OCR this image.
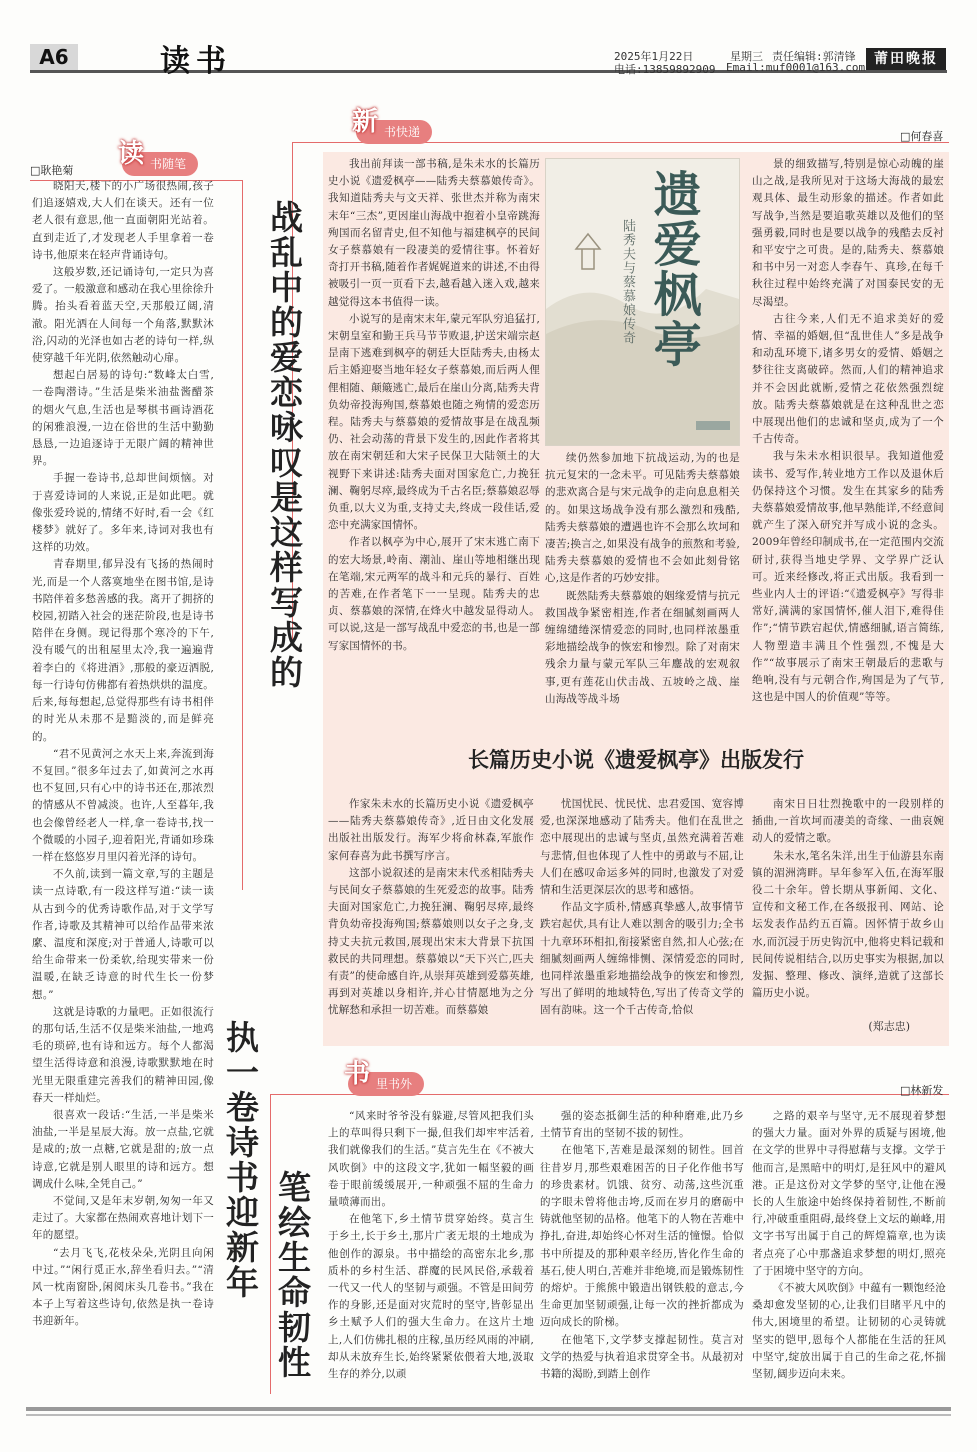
A6	读书	2025年1月22日	星期三 责任编辑:郭清锋
电话:13859892909 Email:muf0001@163.com
莆田晚报
新 书快递	□何春喜
读 书随笔
□耿艳菊
书 里书外	□林新发
战乱中的爱恋咏叹是这样写成的
执一卷诗书迎新年 笔绘生命韧性

晓阳天,楼下的小广场很热闹,孩子们追逐嬉戏,大人们在谈天。还有一位老人很有意思,他一直面朝阳光站着。直到走近了,才发现老人手里拿着一卷诗书,他原来在轻声背诵诗句。

这般岁数,还记诵诗句,一定只为喜爱了。一般激意和感动在我心里徐徐升腾。抬头看着蓝天空,天那般辽阔,清澈。阳光洒在人间每一个角落,默默沐浴,闪动的光泽也如古老的诗句一样,纵使穿越千年光阴,依然触动心扉。

想起白居易的诗句:“数峰太白雪,一卷陶潜诗。”生活是柴米油盐酱醋茶的烟火气息,生活也是琴棋书画诗酒花的闲雅浪漫,一边在俗世的生活中勤勤恳恳,一边追逐诗于无限广阔的精神世界。

手握一卷诗书,总却世间烦恼。对于喜爱诗词的人来说,正是如此吧。就像张爱玲说的,情绪不好时,看一会《红楼梦》就好了。多年来,诗词对我也有这样的功效。

青春期里,郁异没有飞扬的热闹时光,而是一个人落寞地坐在图书馆,是诗书陪伴着多愁善感的我。离开了拥挤的校园,初踏入社会的迷茫阶段,也是诗书陪伴在身侧。现记得那个寒冷的下午,没有暖气的出租屋里太冷,我一遍遍背着李白的《将进酒》,那般的豪迈洒脱,每一行诗句仿佛都有着热烘烘的温度。后来,每每想起,总觉得那些有诗书相伴的时光从未那不是黯淡的,而是鲜亮的。

“君不见黄河之水天上来,奔流到海不复回。”很多年过去了,如黄河之水再也不复回,只有心中的诗书还在,那浓烈的情感从不曾减淡。也许,人至暮年,我也会像曾经老人一样,拿一卷诗书,找一个微暖的小园子,迎着阳光,背诵如珍珠一样在悠悠岁月里闪着光泽的诗句。

不久前,读到一篇文章,写的主题是读一点诗歌,有一段这样写道:“读一读从古到今的优秀诗歌作品,对于文学写作者,诗歌及其精神可以给作品带来浓縻、温度和深度;对于普通人,诗歌可以给生命带来一份柔软,给现实带来一份温暖,在缺乏诗意的时代生长一份梦想。”

这就是诗歌的力量吧。正如很流行的那句话,生活不仅是柴米油盐,一地鸡毛的琐碎,也有诗和远方。每个人都渴望生活得诗意和浪漫,诗歌默默地在时光里无限重建完善我们的精神田园,像春天一样灿烂。

很喜欢一段话:“生活,一半是柴米油盐,一半是星辰大海。放一点盐,它就是咸的;放一点糖,它就是甜的;放一点诗意,它就是别人眼里的诗和远方。想调成什么味,全凭自己。”

不觉间,又是年末岁朝,匆匆一年又走过了。大家都在热闹欢喜地计划下一年的愿望。

“去月飞飞,花枝朵朵,光阴且向闲中过。”“闲行觅正水,辞坐看归去。”“清风一枕南窗卧,闲阅床头几卷书。”我在本子上写着这些诗句,依然是执一卷诗书迎新年。

我出前拜读一部书稿,是朱未水的长篇历史小说《遗爱枫亭——陆秀夫蔡慕娘传奇》。我知道陆秀夫与文天祥、张世杰并称为南宋末年“三杰”,更因崖山海战中抱着小皇帝跳海殉国而名留青史,但不知他与福建枫亭的民间女子蔡慕娘有一段凄美的爱情往事。怀着好奇打开书稿,随着作者娓娓道来的讲述,不由得被吸引一页一页看下去,越看越入迷入戏,越来越觉得这本书值得一读。

小说写的是南宋末年,蒙元军队穷追猛打,宋朝皇室和勤王兵马节节败退,护送宋端宗赵昰南下逃难到枫亭的朝廷大臣陆秀夫,由杨太后主婚迎娶当地年轻女子蔡慕娘,而后两人俚俚相随、颠簸逃亡,最后在崖山分离,陆秀夫背负幼帝投海殉国,蔡慕娘也随之殉情的爱恋历程。陆秀夫与蔡慕娘的爱情故事是在战乱频仍、社会动荡的背景下发生的,因此作者将其放在南宋朝廷和大宋子民保卫大陆领土的大视野下来讲述:陆秀夫面对国家危亡,力挽狂澜、鞠躬尽瘁,最终成为千古名臣;蔡慕娘忍辱负重,以大义为重,支持丈夫,终成一段佳话,爱恋中充满家国情怀。

作者以枫亭为中心,展开了宋末逃亡南下的宏大场景,岭南、潮汕、崖山等地相继出现在笔端,宋元两军的战斗和元兵的暴行、百姓的苦难,在作者笔下一一呈现。陆秀夫的忠贞、蔡慕娘的深情,在烽火中越发显得动人。可以说,这是一部写战乱中爱恋的书,也是一部写家国情怀的书。

遗爱枫亭
陆秀夫与蔡慕娘传奇

续仍然参加地下抗战运动,为的也是抗元复宋的一念未平。可见陆秀夫蔡慕娘的悲欢离合是与宋元战争的走向息息相关的。如果这场战争没有那么激烈和残酷,陆秀夫蔡慕娘的遭遇也许不会那么坎坷和凄苦;换言之,如果没有战争的煎熬和考验,陆秀夫蔡慕娘的爱情也不会如此刻骨铭心,这是作者的巧妙安排。

既然陆秀夫蔡慕娘的姻缘爱情与抗元救国战争紧密相连,作者在细腻刻画两人缠绵缱绻深情爱恋的同时,也同样浓墨重彩地描绘战争的恢宏和惨烈。除了对南宋残余力量与蒙元军队三年鏖战的宏观叙事,更有莲花山伏击战、五坡岭之战、崖山海战等战斗场

景的细致描写,特别是惊心动魄的崖山之战,是我所见对于这场大海战的最宏观具体、最生动形象的描述。作者如此写战争,当然是要追歌英雄以及他们的坚强勇毅,同时也是要以战争的残酷去反衬和平安宁之可贵。是的,陆秀夫、蔡慕娘和书中另一对恋人李春午、真珍,在每千秋往过程中始终充满了对国泰民安的无尽渴望。

古往今来,人们无不追求美好的爱情、幸福的婚姻,但“乱世佳人”多是战争和动乱环境下,诸多男女的爱情、婚姻之梦往往支离破碎。然而,人们的精神追求并不会因此就断,爱情之花依然强烈绽放。陆秀夫蔡慕娘就是在这种乱世之恋中展现出他们的忠诚和坚贞,成为了一个千古传奇。

我与朱未水相识很早。我知道他爱读书、爱写作,转业地方工作以及退休后仍保持这个习惯。发生在其家乡的陆秀夫蔡慕娘爱情故事,他早熟能详,不经意间就产生了深入研究并写成小说的念头。2009年曾经印制成书,在一定范围内交流研讨,获得当地史学界、文学界广泛认可。近来经修改,将正式出版。我看到一些业内人士的评语:“《遗爱枫亭》写得非常好,满满的家国情怀,催人泪下,难得佳作”;“情节跌宕起伏,情感细腻,语言简练,人物塑造丰满且个性强烈,不愧是大作”“故事展示了南宋王朝最后的悲歌与绝响,没有与元朝合作,殉国是为了气节,这也是中国人的价值观”等等。

长篇历史小说《遗爱枫亭》出版发行

作家朱未水的长篇历史小说《遗爱枫亭——陆秀夫蔡慕娘传奇》,近日由文化发展出版社出版发行。海军少将俞林森,军旅作家何春喜为此书撰写序言。

这部小说叙述的是南宋末代丞相陆秀夫与民间女子蔡慕娘的生死爱恋的故事。陆秀夫面对国家危亡,力挽狂澜、鞠躬尽瘁,最终背负幼帝投海殉国;蔡慕娘则以女子之身,支持丈夫抗元救国,展现出宋末大背景下抗国救民的共同理想。蔡慕娘以“天下兴亡,匹夫有责”的使命感自许,从崇拜英雄到爱慕英雄,再到对英雄以身相许,并心甘情愿地为之分忧解愁和承担一切苦难。而蔡慕娘

忧国忧民、忧民忧、忠君爱国、宽容博爱,也深深地感动了陆秀夫。他们在乱世之恋中展现出的忠诚与坚贞,虽然充满着苦难与悲情,但也体现了人性中的勇敢与不屈,让人们在感叹命运多舛的同时,也激发了对爱情和生活更深层次的思考和感悟。

作品文字质朴,情感真挚感人,故事情节跌宕起伏,具有让人难以割舍的吸引力;全书十九章环环相扣,衔接紧密自然,扣人心弦;在细腻刻画两人缠绵悱恻、深情爱恋的同时,也同样浓墨重彩地描绘战争的恢宏和惨烈,写出了鲜明的地域特色,写出了传奇文学的固有韵味。这一个千古传奇,恰似

南宋日日壮烈挽歌中的一段别样的插曲,一首坎坷而凄美的奇缘、一曲哀婉动人的爱情之歌。

朱未水,笔名朱洋,出生于仙游县东南镇的湄洲湾畔。早年参军入伍,在海军服役二十余年。曾长期从事新闻、文化、宣传和文秘工作,在各级报刊、网站、论坛发表作品约五百篇。因怀情于故乡山水,而沉浸于历史钩沉中,他将史料记载和民间传说相结合,以历史事实为根据,加以发掘、整理、修改、演绎,造就了这部长篇历史小说。

(郑志忠)

“风来时爷爷没有躲避,尽管风把我们头上的草叫得只剩下一撮,但我们却牢牢活着,我们就像我们的生活。”莫言先生在《不被大风吹倒》中的这段文字,犹如一幅坚毅的画卷于眼前缓缓展开,一种顽强不屈的生命力量喷薄而出。

在他笔下,乡土情节贯穿始终。莫言生于乡土,长于乡土,那片广袤无垠的土地成为他创作的源泉。书中描绘的高密东北乡,那质朴的乡村生活、群魔的民风民俗,承载着一代又一代人的坚韧与顽强。不管是田间劳作的身影,还是面对灾荒时的坚守,皆彰显出乡土赋予人们的强大生命力。在这片土地上,人们仿佛扎根的庄稼,虽历经风雨的冲刷,却从未放弃生长,始终紧紧依偎着大地,汲取生存的养分,以顽

强的姿态抵御生活的种种磨难,此乃乡土情节育出的坚韧不拔的韧性。

在他笔下,苦难是最深刻的韧性。回首往昔岁月,那些艰难困苦的日子化作他书写的珍贵素材。饥饿、贫穷、动荡,这些沉重的字眼未曾将他击垮,反而在岁月的磨砺中铸就他坚韧的品格。他笔下的人物在苦难中挣扎,奋进,却始终心怀对生活的憧憬。恰似书中所提及的那种艰辛经历,皆化作生命的基石,使人明白,苦难并非绝境,而是锻炼韧性的熔炉。于熊熊中锻造出钢铁般的意志,今生命更加坚韧顽强,让每一次的挫折都成为迈向成长的阶梯。

在他笔下,文学梦支撑起韧性。莫言对文学的热爱与执着追求贯穿全书。从最初对书籍的渴盼,到踏上创作

之路的艰辛与坚守,无不展现着梦想的强大力量。面对外界的质疑与困境,他在文学的世界中寻得慰藉与支撑。文学于他而言,是黑暗中的明灯,是狂风中的避风港。正是这份对文学梦的坚守,让他在漫长的人生旅途中始终保持着韧性,不断前行,冲破重重阻碍,最终登上文坛的巅峰,用文字书写出属于自己的辉煌篇章,也为读者点亮了心中那盏追求梦想的明灯,照亮了于困境中坚守的方向。

《不被大风吹倒》中蕴有一颗饱经沧桑却愈发坚韧的心,让我们目睹平凡中的伟大,困境里的希望。让韧韧的心灵铸就坚实的铠甲,恩每个人都能在生活的狂风中坚守,绽放出属于自己的生命之花,怀揣坚韧,阔步迈向未来。
